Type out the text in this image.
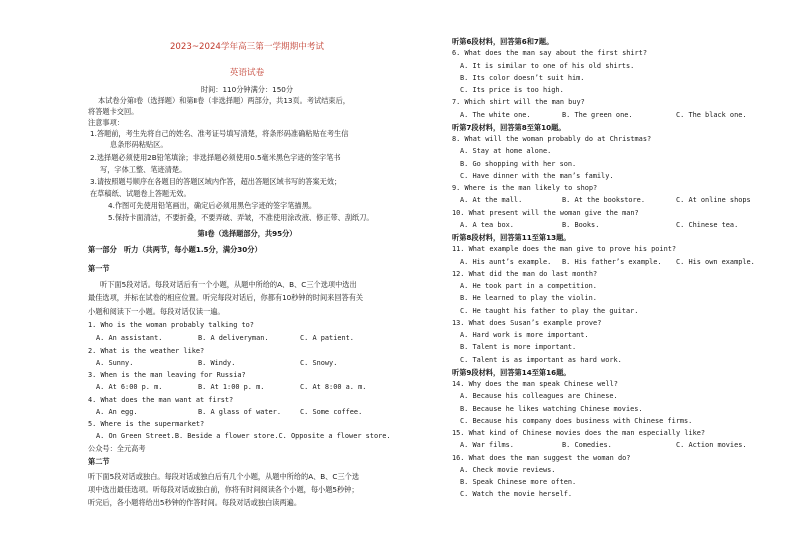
2023~2024学年高三第一学期期中考试
英语试卷
时间：110分钟满分：150分
本试卷分第Ⅰ卷（选择题）和第Ⅱ卷（非选择题）两部分，共13页。考试结束后，
将答题卡交回。
注意事项：
1.答题前，考生先将自己的姓名、准考证号填写清楚，将条形码准确粘贴在考生信
息条形码粘贴区。
2.选择题必须使用2B铅笔填涂；非选择题必须使用0.5毫米黑色字迹的签字笔书
写，字体工整、笔迹清楚。
3.请按照题号顺序在各题目的答题区域内作答，超出答题区域书写的答案无效；
在草稿纸、试题卷上答题无效。
4.作图可先使用铅笔画出，确定后必须用黑色字迹的签字笔描黑。
5.保持卡面清洁，不要折叠，不要弄破、弄皱，不准使用涂改液、修正带、刮纸刀。
第Ⅰ卷（选择题部分，共95分）
第一部分　听力（共两节，每小题1.5分，满分30分）
第一节
听下面5段对话。每段对话后有一个小题，从题中所给的A、B、C三个选项中选出
最佳选项，并标在试卷的相应位置。听完每段对话后，你都有10秒钟的时间来回答有关
小题和阅读下一小题。每段对话仅读一遍。
1. Who is the woman probably talking to?
A. An assistant.	B. A deliveryman.	C. A patient.
2. What is the weather like?
A. Sunny.	B. Windy.	C. Snowy.
3. When is the man leaving for Russia?
A. At 6:00 p. m.	B. At 1:00 p. m.	C. At 8:00 a. m.
4. What does the man want at first?
A. An egg.	B. A glass of water.	C. Some coffee.
5. Where is the supermarket?
A. On Green Street.B. Beside a flower store.C. Opposite a flower store.
公众号：全元高考
第二节
听下面5段对话或独白。每段对话或独白后有几个小题，从题中所给的A、B、C三个选
项中选出最佳选项。听每段对话或独白前，你将有时间阅读各个小题，每小题5秒钟；
听完后，各小题将给出5秒钟的作答时间。每段对话或独白读两遍。
听第6段材料，回答第6和7题。
6. What does the man say about the first shirt?
A. It is similar to one of his old shirts.
B. Its color doesn’t suit him.
C. Its price is too high.
7. Which shirt will the man buy?
A. The white one.	B. The green one.	C. The black one.
听第7段材料，回答第8至第10题。
8. What will the woman probably do at Christmas?
A. Stay at home alone.
B. Go shopping with her son.
C. Have dinner with the man’s family.
9. Where is the man likely to shop?
A. At the mall.	B. At the bookstore.	C. At online shops
10. What present will the woman give the man?
A. A tea box.	B. Books.	C. Chinese tea.
听第8段材料，回答第11至第13题。
11. What example does the man give to prove his point?
A. His aunt’s example. B. His father’s example. C. His own example.
12. What did the man do last month?
A. He took part in a competition.
B. He learned to play the violin.
C. He taught his father to play the guitar.
13. What does Susan’s example prove?
A. Hard work is more important.
B. Talent is more important.
C. Talent is as important as hard work.
听第9段材料，回答第14至第16题。
14. Why does the man speak Chinese well?
A. Because his colleagues are Chinese.
B. Because he likes watching Chinese movies.
C. Because his company does business with Chinese firms.
15. What kind of Chinese movies does the man especially like?
A. War films.	B. Comedies.	C. Action movies.
16. What does the man suggest the woman do?
A. Check movie reviews.
B. Speak Chinese more often.
C. Watch the movie herself.
